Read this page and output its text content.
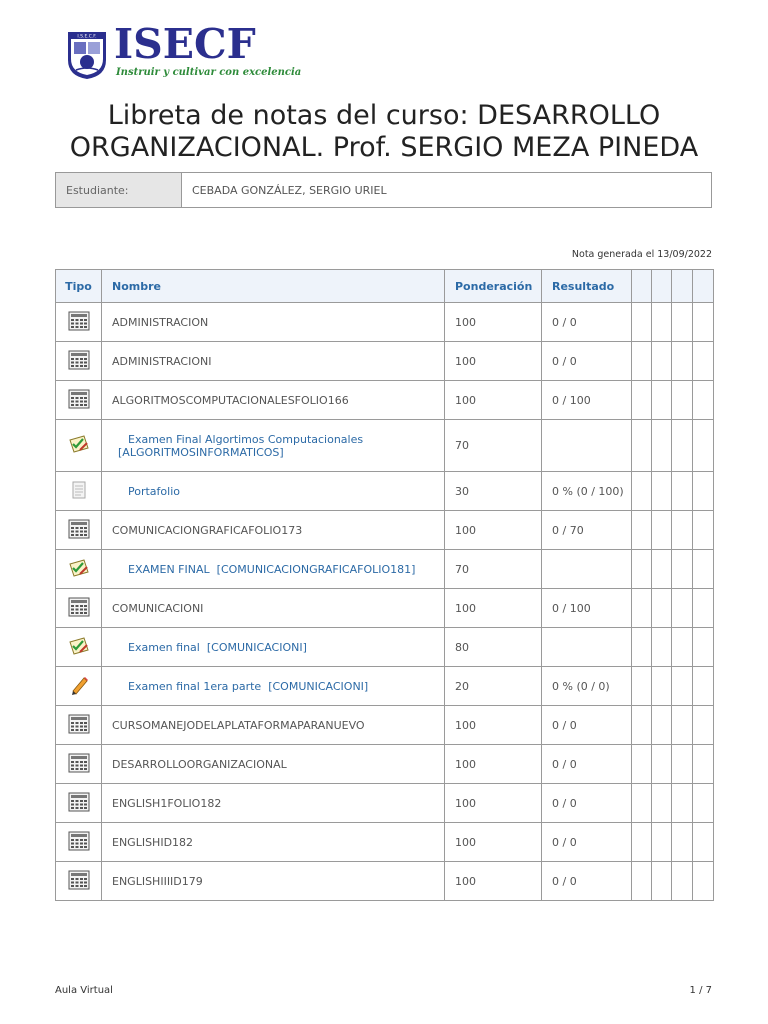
I.S.E.C.F. ISECF
Instruir y cultivar con excelencia
Libreta de notas del curso: DESARROLLO ORGANIZACIONAL. Prof. SERGIO MEZA PINEDA
Estudiante:	CEBADA GONZÁLEZ, SERGIO URIEL
Nota generada el 13/09/2022
Tipo	Nombre	Ponderación	Resultado				
	ADMINISTRACION	100	0 / 0				
	ADMINISTRACIONI	100	0 / 0				
	ALGORITMOSCOMPUTACIONALESFOLIO166	100	0 / 100				
	Examen Final Algortimos Computacionales
[ALGORITMOSINFORMATICOS]	70					
	Portafolio	30	0 % (0 / 100)				
	COMUNICACIONGRAFICAFOLIO173	100	0 / 70				
	EXAMEN FINAL [COMUNICACIONGRAFICAFOLIO181]	70					
	COMUNICACIONI	100	0 / 100				
	Examen final [COMUNICACIONI]	80					
	Examen final 1era parte [COMUNICACIONI]	20	0 % (0 / 0)				
	CURSOMANEJODELAPLATAFORMAPARANUEVO	100	0 / 0				
	DESARROLLOORGANIZACIONAL	100	0 / 0				
	ENGLISH1FOLIO182	100	0 / 0				
	ENGLISHID182	100	0 / 0				
	ENGLISHIIIID179	100	0 / 0				
Aula Virtual	1 / 7
